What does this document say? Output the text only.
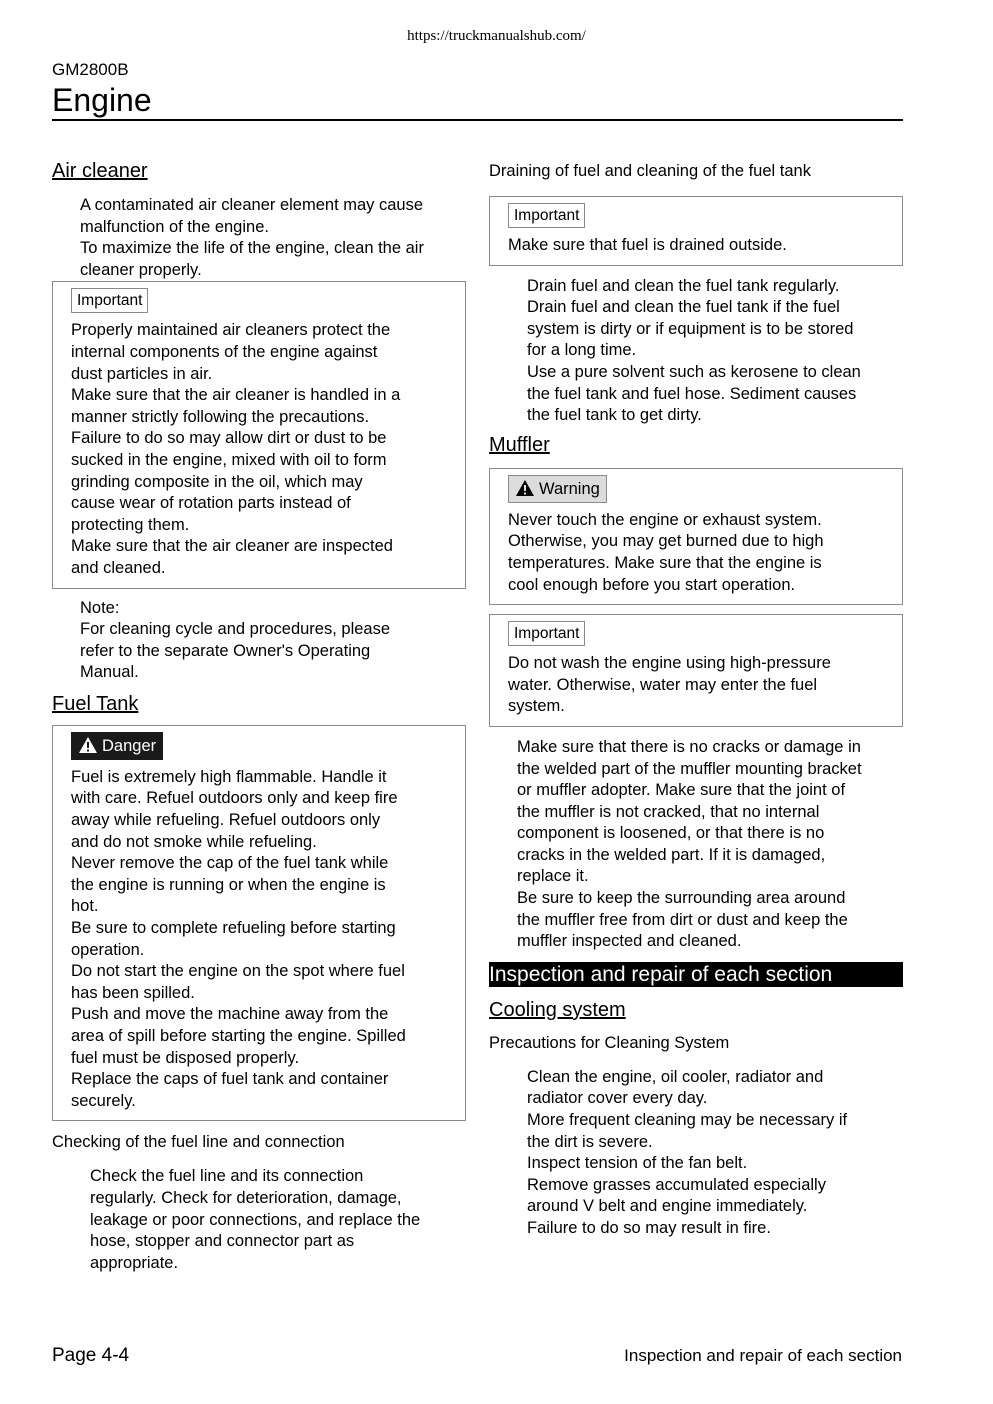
https://truckmanualshub.com/
GM2800B
Engine
Air cleaner
A contaminated air cleaner element may cause
malfunction of the engine.
To maximize the life of the engine, clean the air
cleaner properly.
Important
Properly maintained air cleaners protect the
internal components of the engine against
dust particles in air.
Make sure that the air cleaner is handled in a
manner strictly following the precautions.
Failure to do so may allow dirt or dust to be
sucked in the engine, mixed with oil to form
grinding composite in the oil, which may
cause wear of rotation parts instead of
protecting them.
Make sure that the air cleaner are inspected
and cleaned.
Note:
For cleaning cycle and procedures, please
refer to the separate Owner's Operating
Manual.
Fuel Tank
Danger
Fuel is extremely high flammable. Handle it
with care. Refuel outdoors only and keep fire
away while refueling. Refuel outdoors only
and do not smoke while refueling.
Never remove the cap of the fuel tank while
the engine is running or when the engine is
hot.
Be sure to complete refueling before starting
operation.
Do not start the engine on the spot where fuel
has been spilled.
Push and move the machine away from the
area of spill before starting the engine. Spilled
fuel must be disposed properly.
Replace the caps of fuel tank and container
securely.
Checking of the fuel line and connection
Check the fuel line and its connection
regularly. Check for deterioration, damage,
leakage or poor connections, and replace the
hose, stopper and connector part as
appropriate.
Draining of fuel and cleaning of the fuel tank
Important
Make sure that fuel is drained outside.
Drain fuel and clean the fuel tank regularly.
Drain fuel and clean the fuel tank if the fuel
system is dirty or if equipment is to be stored
for a long time.
Use a pure solvent such as kerosene to clean
the fuel tank and fuel hose. Sediment causes
the fuel tank to get dirty.
Muffler
Warning
Never touch the engine or exhaust system.
Otherwise, you may get burned due to high
temperatures. Make sure that the engine is
cool enough before you start operation.
Important
Do not wash the engine using high-pressure
water. Otherwise, water may enter the fuel
system.
Make sure that there is no cracks or damage in
the welded part of the muffler mounting bracket
or muffler adopter. Make sure that the joint of
the muffler is not cracked, that no internal
component is loosened, or that there is no
cracks in the welded part. If it is damaged,
replace it.
Be sure to keep the surrounding area around
the muffler free from dirt or dust and keep the
muffler inspected and cleaned.
Inspection and repair of each section
Cooling system
Precautions for Cleaning System
Clean the engine, oil cooler, radiator and
radiator cover every day.
More frequent cleaning may be necessary if
the dirt is severe.
Inspect tension of the fan belt.
Remove grasses accumulated especially
around V belt and engine immediately.
Failure to do so may result in fire.
Page 4-4	Inspection and repair of each section
